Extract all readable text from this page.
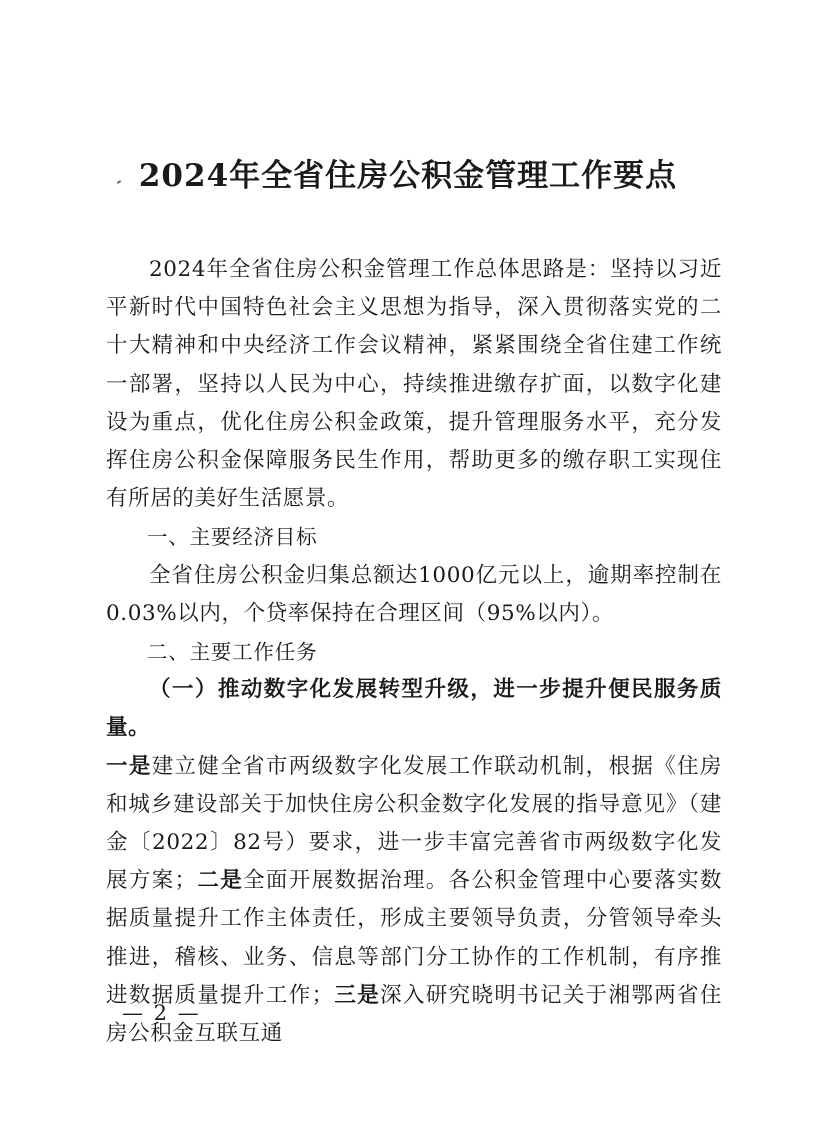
2024年全省住房公积金管理工作要点

2024年全省住房公积金管理工作总体思路是：坚持以习近平新时代中国特色社会主义思想为指导，深入贯彻落实党的二十大精神和中央经济工作会议精神，紧紧围绕全省住建工作统一部署，坚持以人民为中心，持续推进缴存扩面，以数字化建设为重点，优化住房公积金政策，提升管理服务水平，充分发挥住房公积金保障服务民生作用，帮助更多的缴存职工实现住有所居的美好生活愿景。

一、主要经济目标

全省住房公积金归集总额达1000亿元以上，逾期率控制在0.03%以内，个贷率保持在合理区间（95%以内）。

二、主要工作任务

（一）推动数字化发展转型升级，进一步提升便民服务质量。

一是建立健全省市两级数字化发展工作联动机制，根据《住房和城乡建设部关于加快住房公积金数字化发展的指导意见》（建金〔2022〕82号）要求，进一步丰富完善省市两级数字化发展方案；二是全面开展数据治理。各公积金管理中心要落实数据质量提升工作主体责任，形成主要领导负责，分管领导牵头推进，稽核、业务、信息等部门分工协作的工作机制，有序推进数据质量提升工作；三是深入研究晓明书记关于湘鄂两省住房公积金互联互通

— 2 —
